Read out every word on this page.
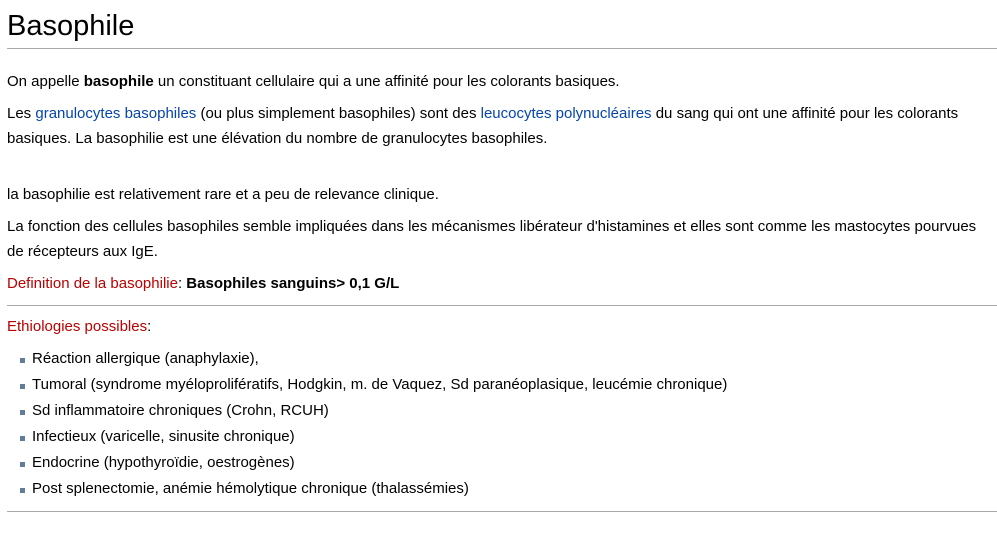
Basophile

On appelle basophile un constituant cellulaire qui a une affinité pour les colorants basiques.

Les granulocytes basophiles (ou plus simplement basophiles) sont des leucocytes polynucléaires du sang qui ont une affinité pour les colorants basiques. La basophilie est une élévation du nombre de granulocytes basophiles.

la basophilie est relativement rare et a peu de relevance clinique.

La fonction des cellules basophiles semble impliquées dans les mécanismes libérateur d'histamines et elles sont comme les mastocytes pourvues de récepteurs aux IgE.

Definition de la basophilie: Basophiles sanguins> 0,1 G/L

Ethiologies possibles:

Réaction allergique (anaphylaxie),
Tumoral (syndrome myéloprolifératifs, Hodgkin, m. de Vaquez, Sd paranéoplasique, leucémie chronique)
Sd inflammatoire chroniques (Crohn, RCUH)
Infectieux (varicelle, sinusite chronique)
Endocrine (hypothyroïdie, oestrogènes)
Post splenectomie, anémie hémolytique chronique (thalassémies)
